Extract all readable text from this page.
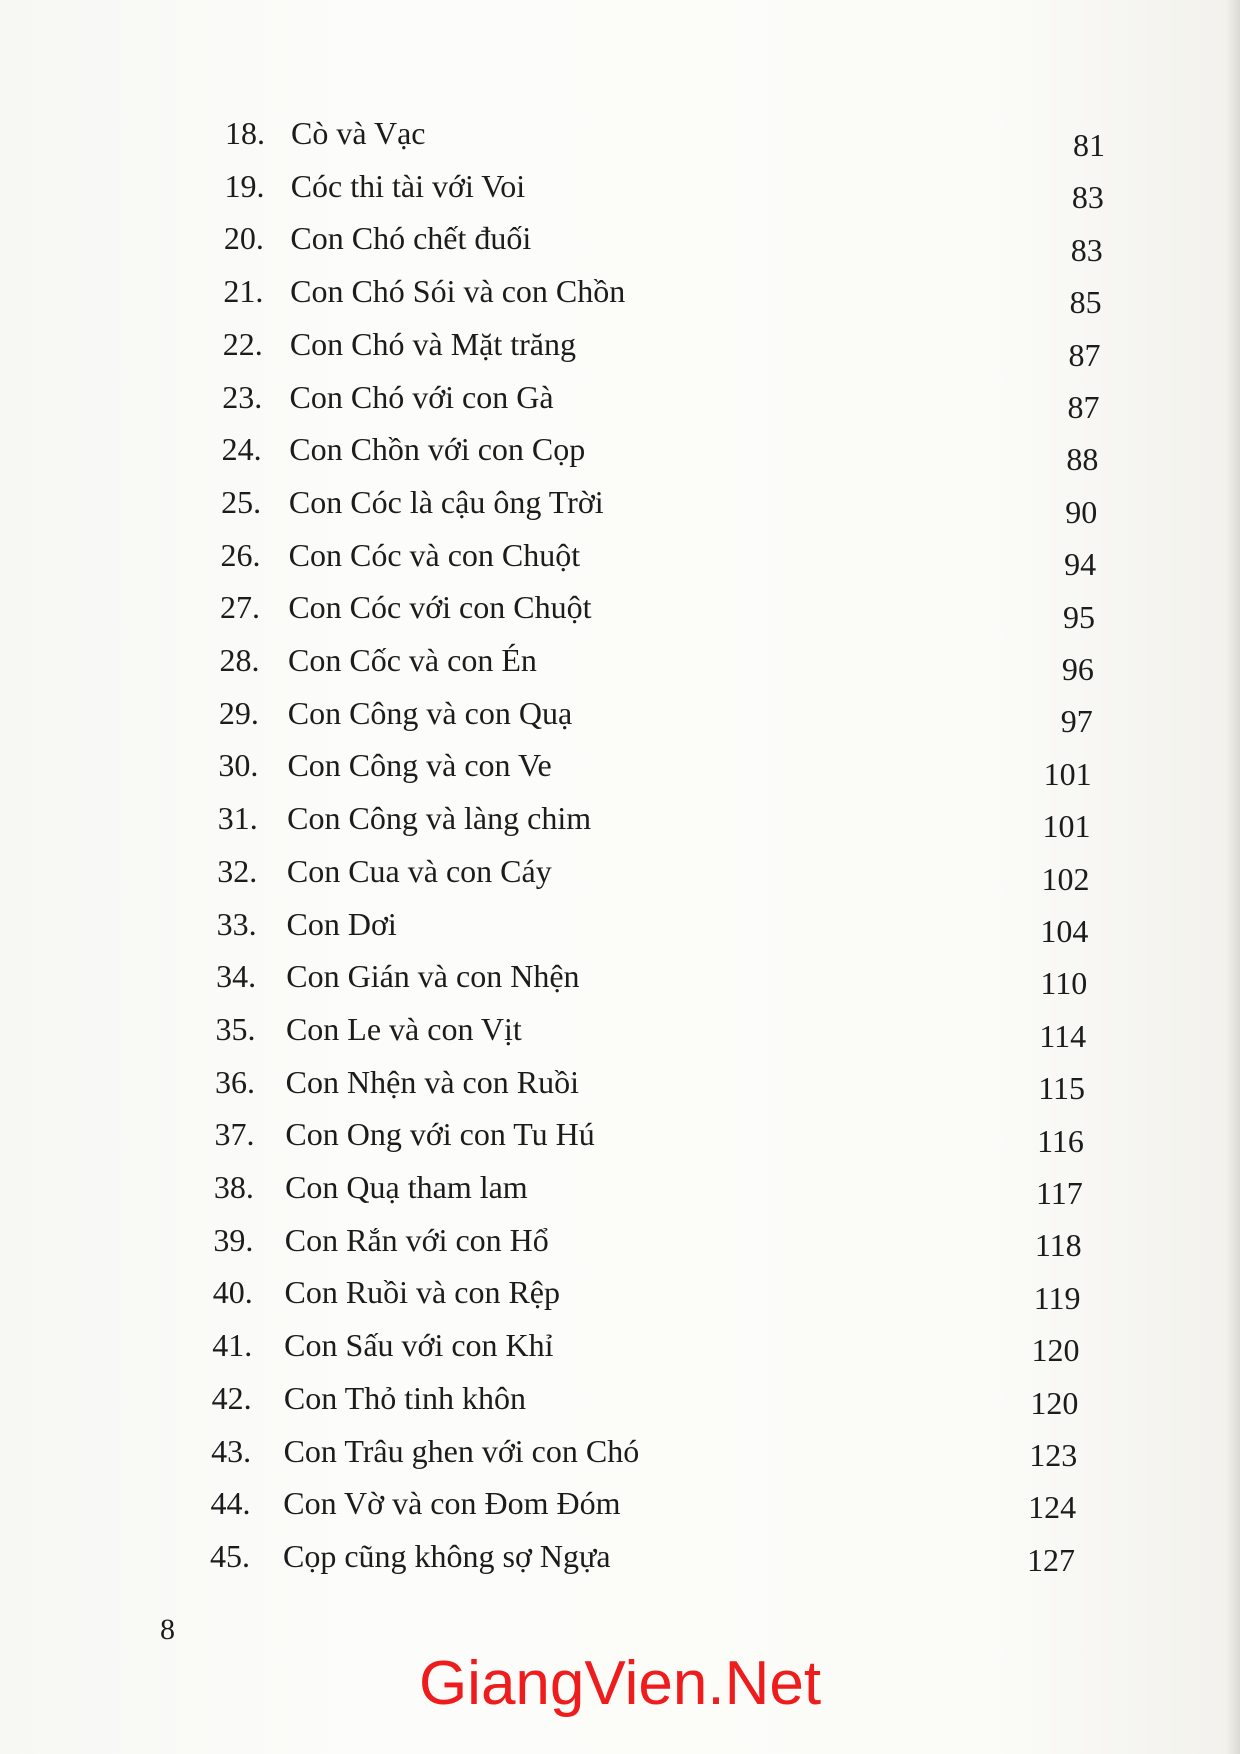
18. Cò và Vạc	81
19. Cóc thi tài với Voi	83
20. Con Chó chết đuối	83
21. Con Chó Sói và con Chồn	85
22. Con Chó và Mặt trăng	87
23. Con Chó với con Gà	87
24. Con Chồn với con Cọp	88
25. Con Cóc là cậu ông Trời	90
26. Con Cóc và con Chuột	94
27. Con Cóc với con Chuột	95
28. Con Cốc và con Én	96
29. Con Công và con Quạ	97
30. Con Công và con Ve	101
31. Con Công và làng chim	101
32. Con Cua và con Cáy	102
33. Con Dơi	104
34. Con Gián và con Nhện	110
35. Con Le và con Vịt	114
36. Con Nhện và con Ruồi	115
37. Con Ong với con Tu Hú	116
38. Con Quạ tham lam	117
39. Con Rắn với con Hổ	118
40. Con Ruồi và con Rệp	119
41. Con Sấu với con Khỉ	120
42. Con Thỏ tinh khôn	120
43. Con Trâu ghen với con Chó	123
44. Con Vờ và con Đom Đóm	124
45. Cọp cũng không sợ Ngựa	127
8
GiangVien.Net
